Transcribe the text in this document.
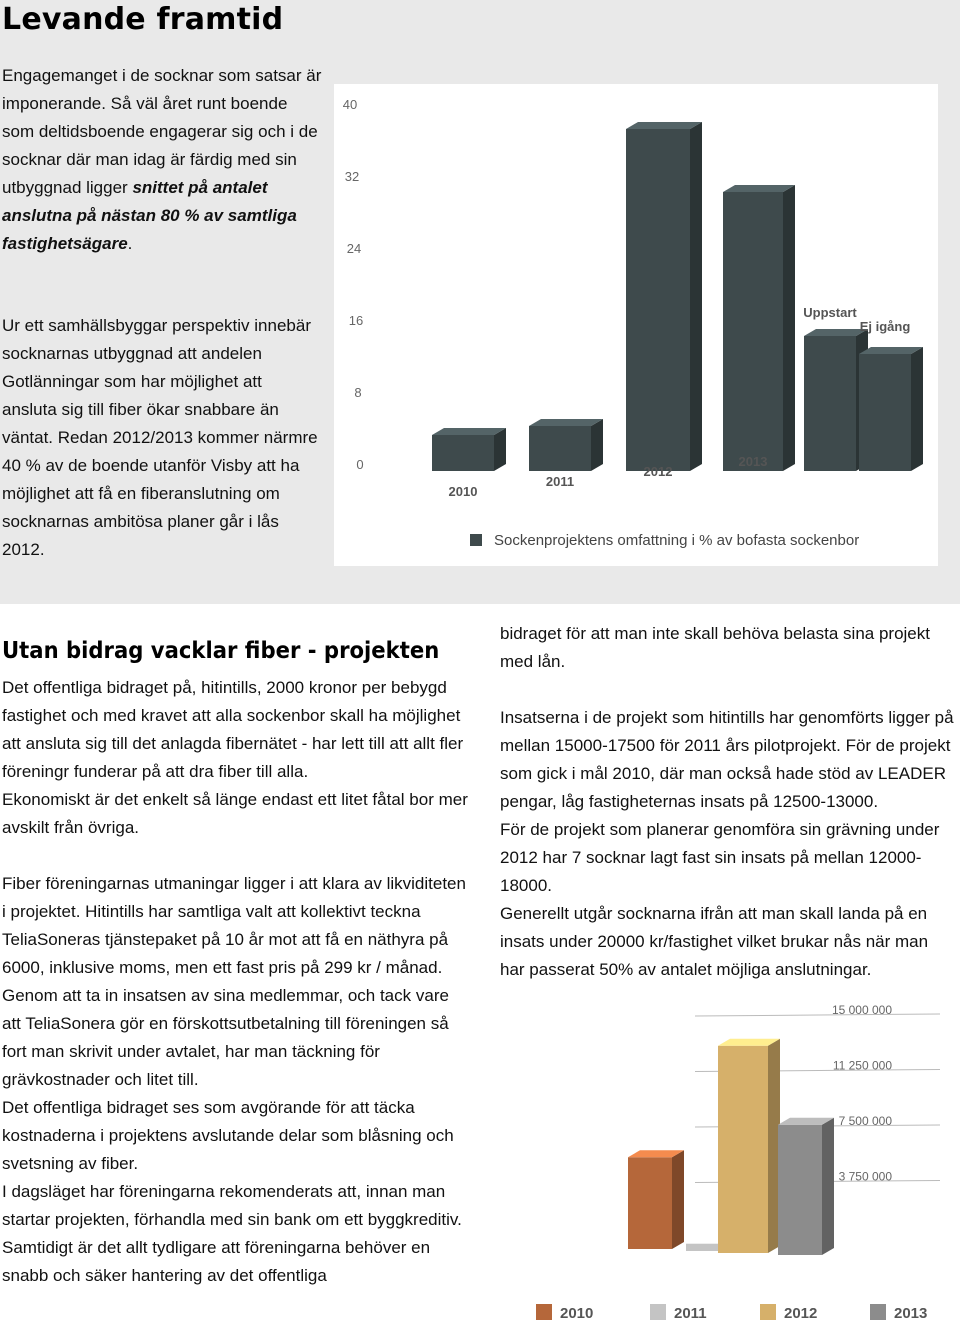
Levande framtid

Engagemanget i de socknar som satsar är imponerande. Så väl året runt boende som deltidsboende engagerar sig och i de socknar där man idag är färdig med sin utbyggnad ligger snittet på antalet anslutna på nästan 80 % av samtliga fastighetsägare.

Ur ett samhällsbyggar perspektiv innebär socknarnas utbyggnad att andelen Gotlänningar som har möjlighet att ansluta sig till fiber ökar snabbare än väntat. Redan 2012/2013 kommer närmre 40 % av de boende utanför Visby att ha möjlighet att få en fiberanslutning om socknarnas ambitösa planer går i lås 2012.

0
8
16
24
32
40
2010
2011
2012
2013
Uppstart
Ej igång
Sockenprojektens omfattning i % av bofasta sockenbor
Utan bidrag vacklar fiber - projekten

Det offentliga bidraget på, hitintills, 2000 kronor per bebygd fastighet och med kravet att alla sockenbor skall ha möjlighet att ansluta sig till det anlagda fibernätet - har lett till att allt fler föreningr funderar på att dra fiber till alla.

Ekonomiskt är det enkelt så länge endast ett litet fåtal bor mer avskilt från övriga.

Fiber föreningarnas utmaningar ligger i att klara av likviditeten i projektet. Hitintills har samtliga valt att kollektivt teckna TeliaSoneras tjänstepaket på 10 år mot att få en näthyra på 6000, inklusive moms, men ett fast pris på 299 kr / månad.

Genom att ta in insatsen av sina medlemmar, och tack vare att TeliaSonera gör en förskottsutbetalning till föreningen så fort man skrivit under avtalet, har man täckning för grävkostnader och litet till.

Det offentliga bidraget ses som avgörande för att täcka kostnaderna i projektens avslutande delar som blåsning och svetsning av fiber.

I dagsläget har föreningarna rekomenderats att, innan man startar projekten, förhandla med sin bank om ett byggkreditiv. Samtidigt är det allt tydligare att föreningarna behöver en snabb och säker hantering av det offentliga

bidraget för att man inte skall behöva belasta sina projekt med lån.

Insatserna i de projekt som hitintills har genomförts ligger på mellan 15000-17500 för 2011 års pilotprojekt. För de projekt som gick i mål 2010, där man också hade stöd av LEADER pengar, låg fastigheternas insats på 12500-13000.

För de projekt som planerar genomföra sin grävning under 2012 har 7 socknar lagt fast sin insats på mellan 12000-18000.

Generellt utgår socknarna ifrån att man skall landa på en insats under 20000 kr/fastighet vilket brukar nås när man har passerat 50% av antalet möjliga anslutningar.

3 750 000
7 500 000
11 250 000
15 000 000
2010	2011	2012	2013
